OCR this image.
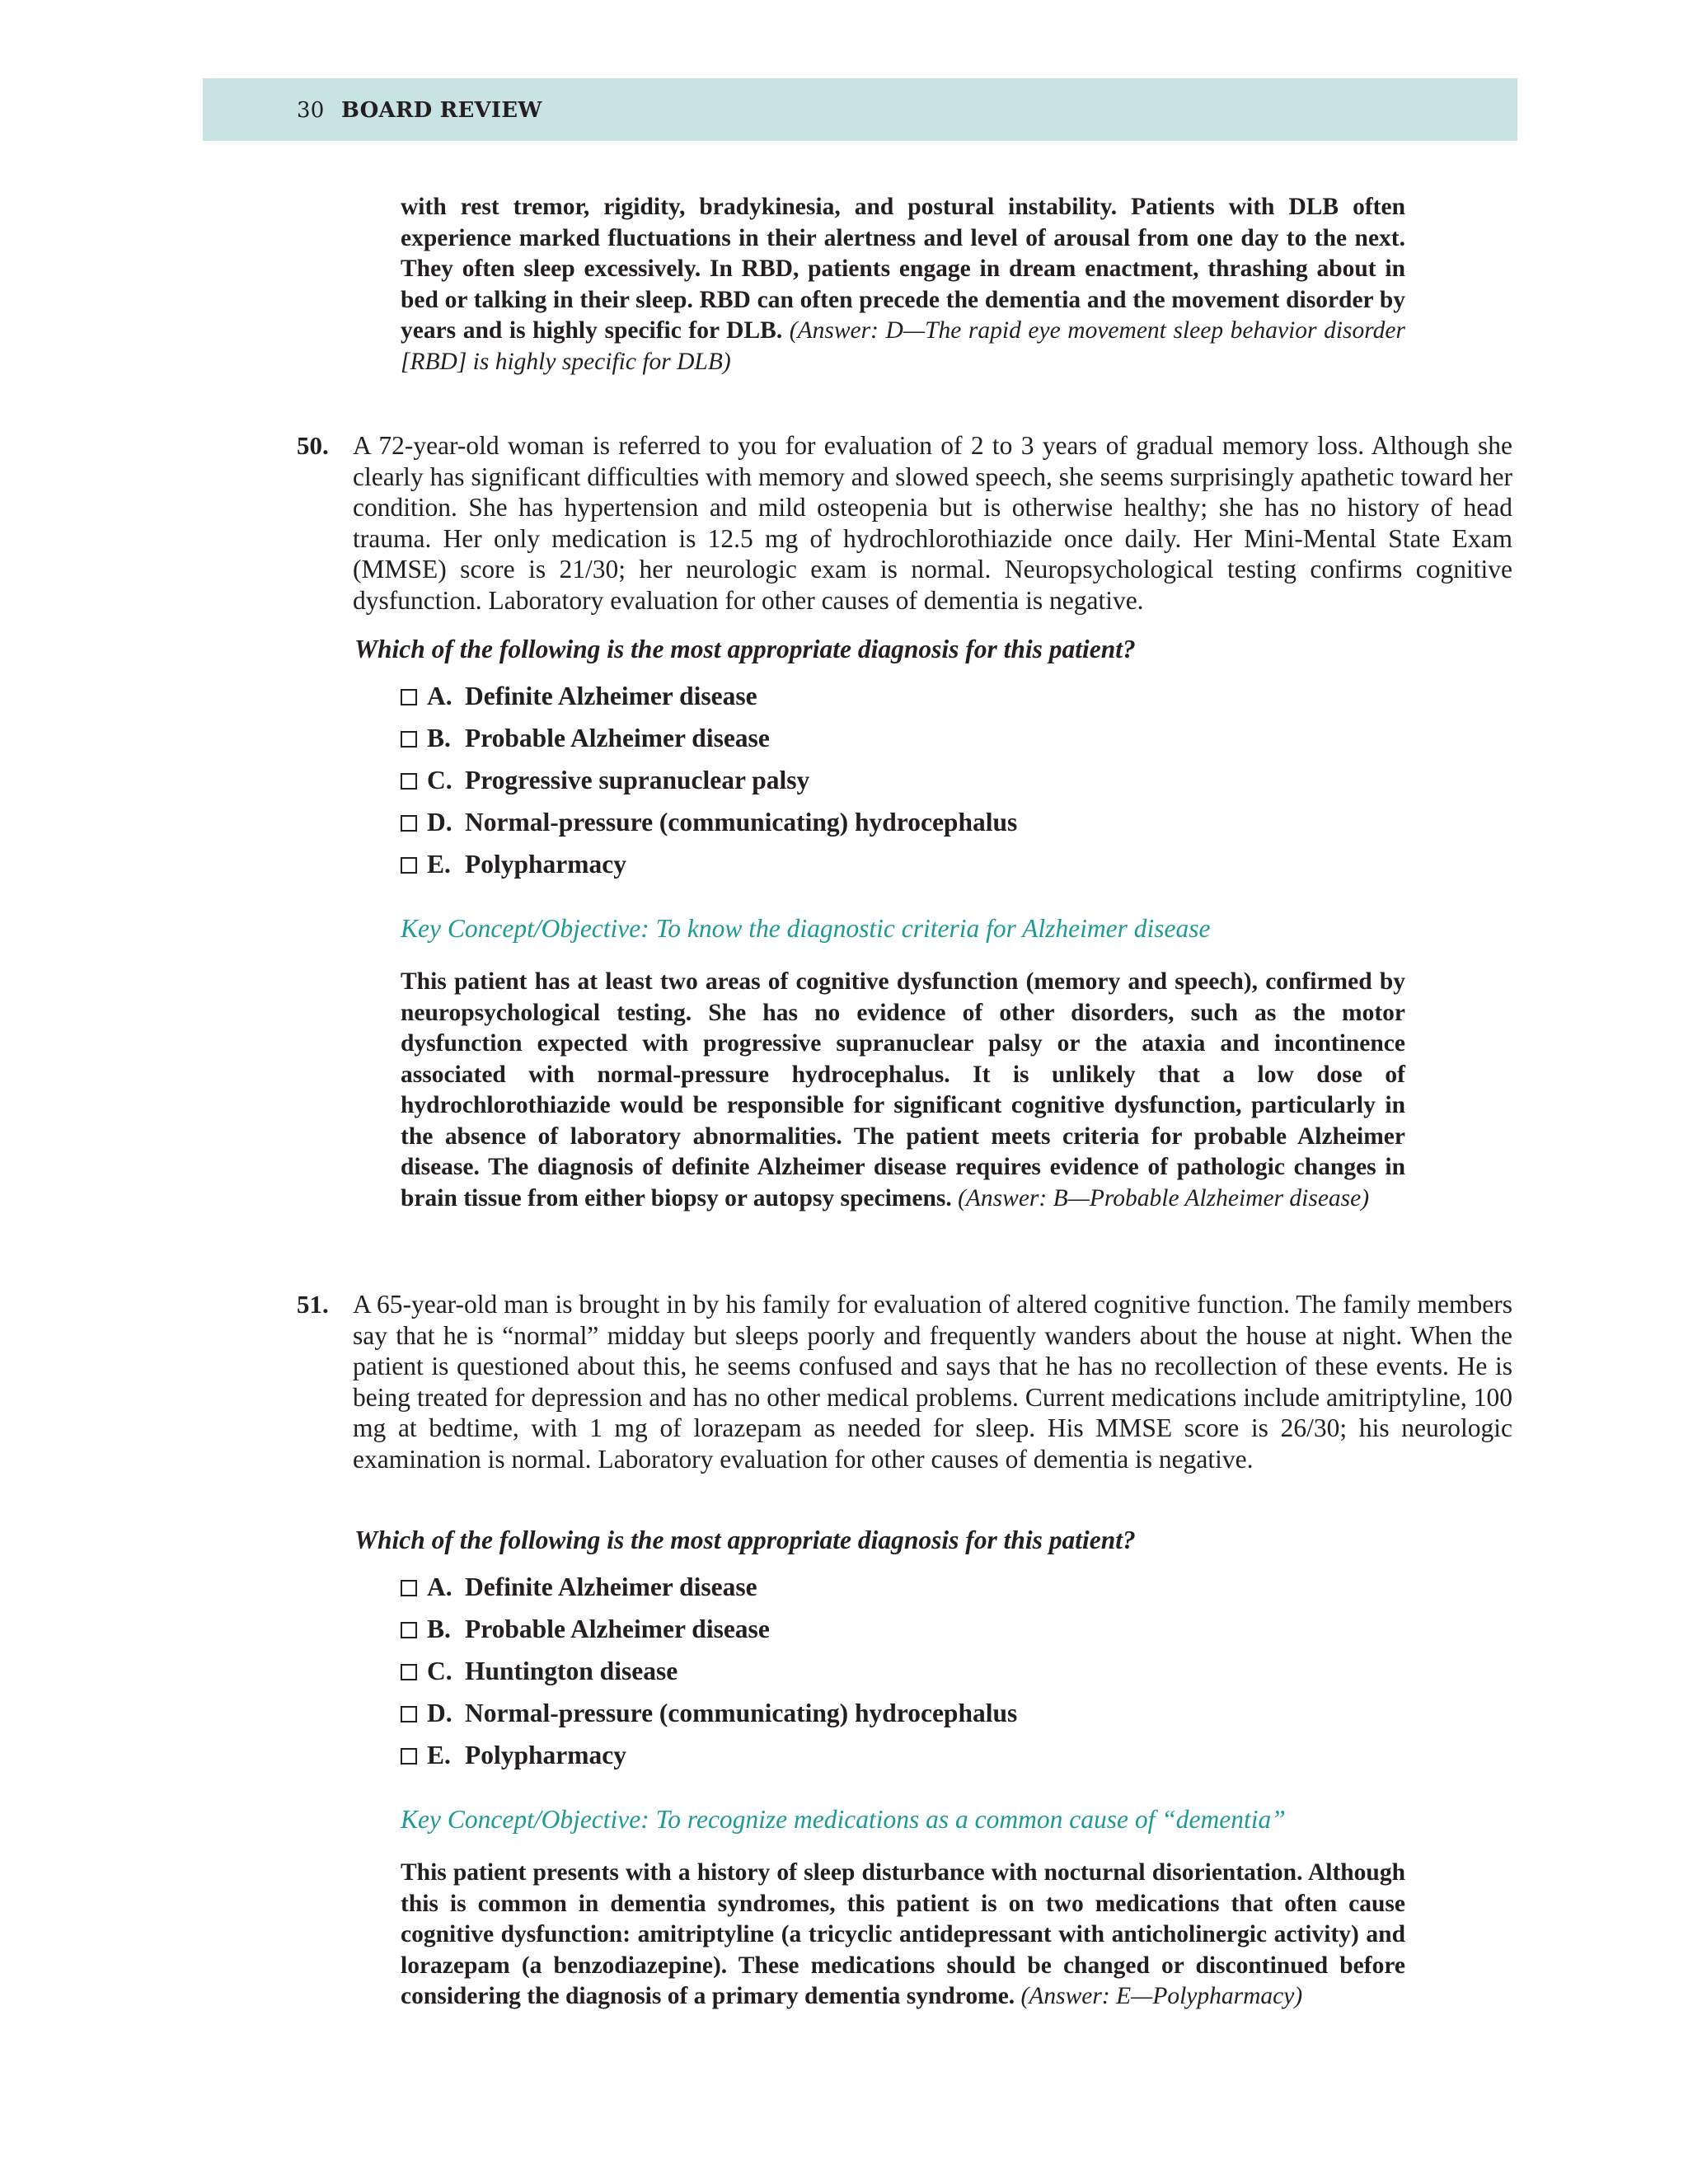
30 BOARD REVIEW
with rest tremor, rigidity, bradykinesia, and postural instability. Patients with DLB often experience marked fluctuations in their alertness and level of arousal from one day to the next. They often sleep excessively. In RBD, patients engage in dream enactment, thrashing about in bed or talking in their sleep. RBD can often precede the dementia and the movement disorder by years and is highly specific for DLB. (Answer: D—The rapid eye movement sleep behavior disorder [RBD] is highly specific for DLB)
50. A 72-year-old woman is referred to you for evaluation of 2 to 3 years of gradual memory loss. Although she clearly has significant difficulties with memory and slowed speech, she seems surprisingly apathetic toward her condition. She has hypertension and mild osteopenia but is otherwise healthy; she has no history of head trauma. Her only medication is 12.5 mg of hydrochlorothiazide once daily. Her Mini-Mental State Exam (MMSE) score is 21/30; her neurologic exam is normal. Neuropsychological testing confirms cognitive dysfunction. Laboratory evaluation for other causes of dementia is negative.
Which of the following is the most appropriate diagnosis for this patient?
A. Definite Alzheimer disease
B. Probable Alzheimer disease
C. Progressive supranuclear palsy
D. Normal-pressure (communicating) hydrocephalus
E. Polypharmacy
Key Concept/Objective: To know the diagnostic criteria for Alzheimer disease
This patient has at least two areas of cognitive dysfunction (memory and speech), confirmed by neuropsychological testing. She has no evidence of other disorders, such as the motor dysfunction expected with progressive supranuclear palsy or the ataxia and incontinence associated with normal-pressure hydrocephalus. It is unlikely that a low dose of hydrochlorothiazide would be responsible for significant cognitive dysfunction, particularly in the absence of laboratory abnormalities. The patient meets criteria for probable Alzheimer disease. The diagnosis of definite Alzheimer disease requires evidence of pathologic changes in brain tissue from either biopsy or autopsy specimens. (Answer: B—Probable Alzheimer disease)
51. A 65-year-old man is brought in by his family for evaluation of altered cognitive function. The family members say that he is “normal” midday but sleeps poorly and frequently wanders about the house at night. When the patient is questioned about this, he seems confused and says that he has no recollection of these events. He is being treated for depression and has no other medical problems. Current medications include amitriptyline, 100 mg at bedtime, with 1 mg of lorazepam as needed for sleep. His MMSE score is 26/30; his neurologic examination is normal. Laboratory evaluation for other causes of dementia is negative.
Which of the following is the most appropriate diagnosis for this patient?
A. Definite Alzheimer disease
B. Probable Alzheimer disease
C. Huntington disease
D. Normal-pressure (communicating) hydrocephalus
E. Polypharmacy
Key Concept/Objective: To recognize medications as a common cause of “dementia”
This patient presents with a history of sleep disturbance with nocturnal disorientation. Although this is common in dementia syndromes, this patient is on two medications that often cause cognitive dysfunction: amitriptyline (a tricyclic antidepressant with anticholinergic activity) and lorazepam (a benzodiazepine). These medications should be changed or discontinued before considering the diagnosis of a primary dementia syndrome. (Answer: E—Polypharmacy)
